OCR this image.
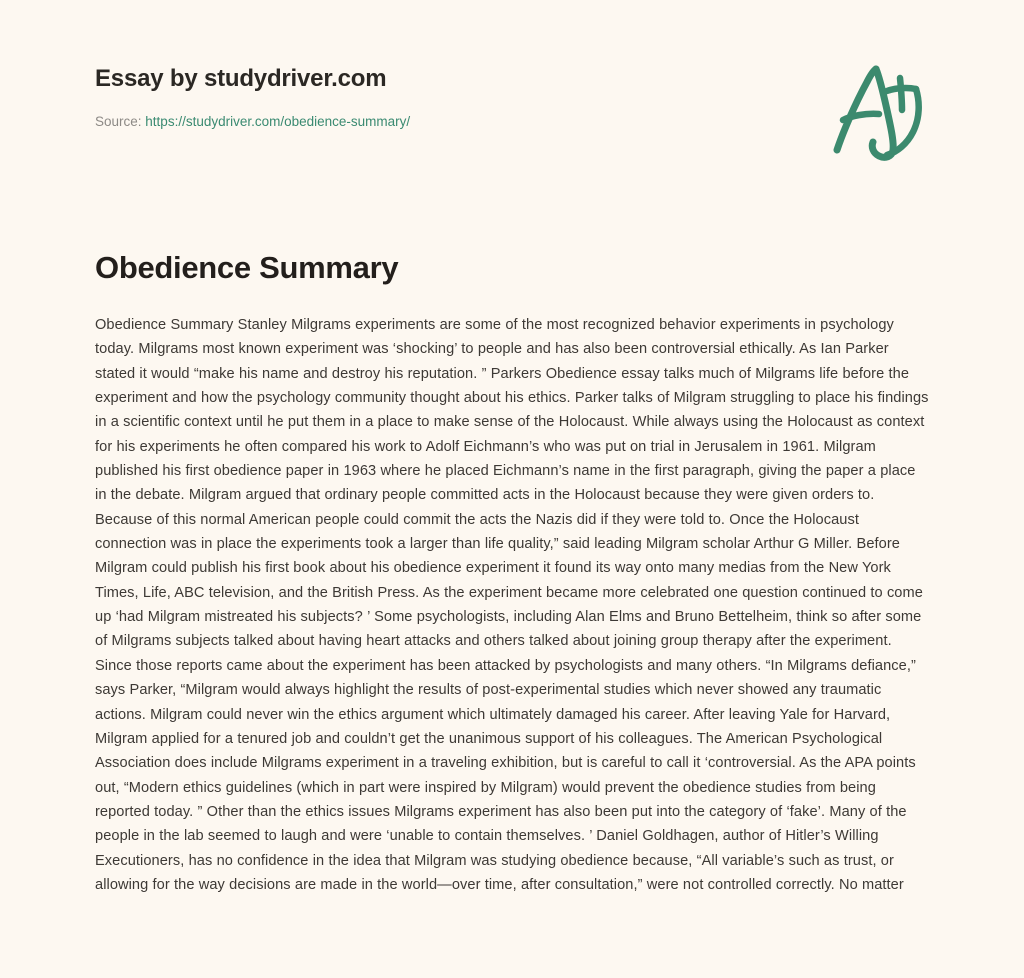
Essay by studydriver.com
Source: https://studydriver.com/obedience-summary/
Obedience Summary

Obedience Summary Stanley Milgrams experiments are some of the most recognized behavior experiments in psychology today. Milgrams most known experiment was ‘shocking’ to people and has also been controversial ethically. As Ian Parker stated it would “make his name and destroy his reputation. ” Parkers Obedience essay talks much of Milgrams life before the experiment and how the psychology community thought about his ethics. Parker talks of Milgram struggling to place his findings in a scientific context until he put them in a place to make sense of the Holocaust. While always using the Holocaust as context for his experiments he often compared his work to Adolf Eichmann’s who was put on trial in Jerusalem in 1961. Milgram published his first obedience paper in 1963 where he placed Eichmann’s name in the first paragraph, giving the paper a place in the debate. Milgram argued that ordinary people committed acts in the Holocaust because they were given orders to. Because of this normal American people could commit the acts the Nazis did if they were told to. Once the Holocaust connection was in place the experiments took a larger than life quality,” said leading Milgram scholar Arthur G Miller. Before Milgram could publish his first book about his obedience experiment it found its way onto many medias from the New York Times, Life, ABC television, and the British Press. As the experiment became more celebrated one question continued to come up ‘had Milgram mistreated his subjects? ’ Some psychologists, including Alan Elms and Bruno Bettelheim, think so after some of Milgrams subjects talked about having heart attacks and others talked about joining group therapy after the experiment. Since those reports came about the experiment has been attacked by psychologists and many others. “In Milgrams defiance,” says Parker, “Milgram would always highlight the results of post-experimental studies which never showed any traumatic actions. Milgram could never win the ethics argument which ultimately damaged his career. After leaving Yale for Harvard, Milgram applied for a tenured job and couldn’t get the unanimous support of his colleagues. The American Psychological Association does include Milgrams experiment in a traveling exhibition, but is careful to call it ‘controversial. As the APA points out, “Modern ethics guidelines (which in part were inspired by Milgram) would prevent the obedience studies from being reported today. ” Other than the ethics issues Milgrams experiment has also been put into the category of ‘fake’. Many of the people in the lab seemed to laugh and were ‘unable to contain themselves. ’ Daniel Goldhagen, author of Hitler’s Willing Executioners, has no confidence in the idea that Milgram was studying obedience because, “All variable’s such as trust, or allowing for the way decisions are made in the world—over time, after consultation,” were not controlled correctly. No matter
